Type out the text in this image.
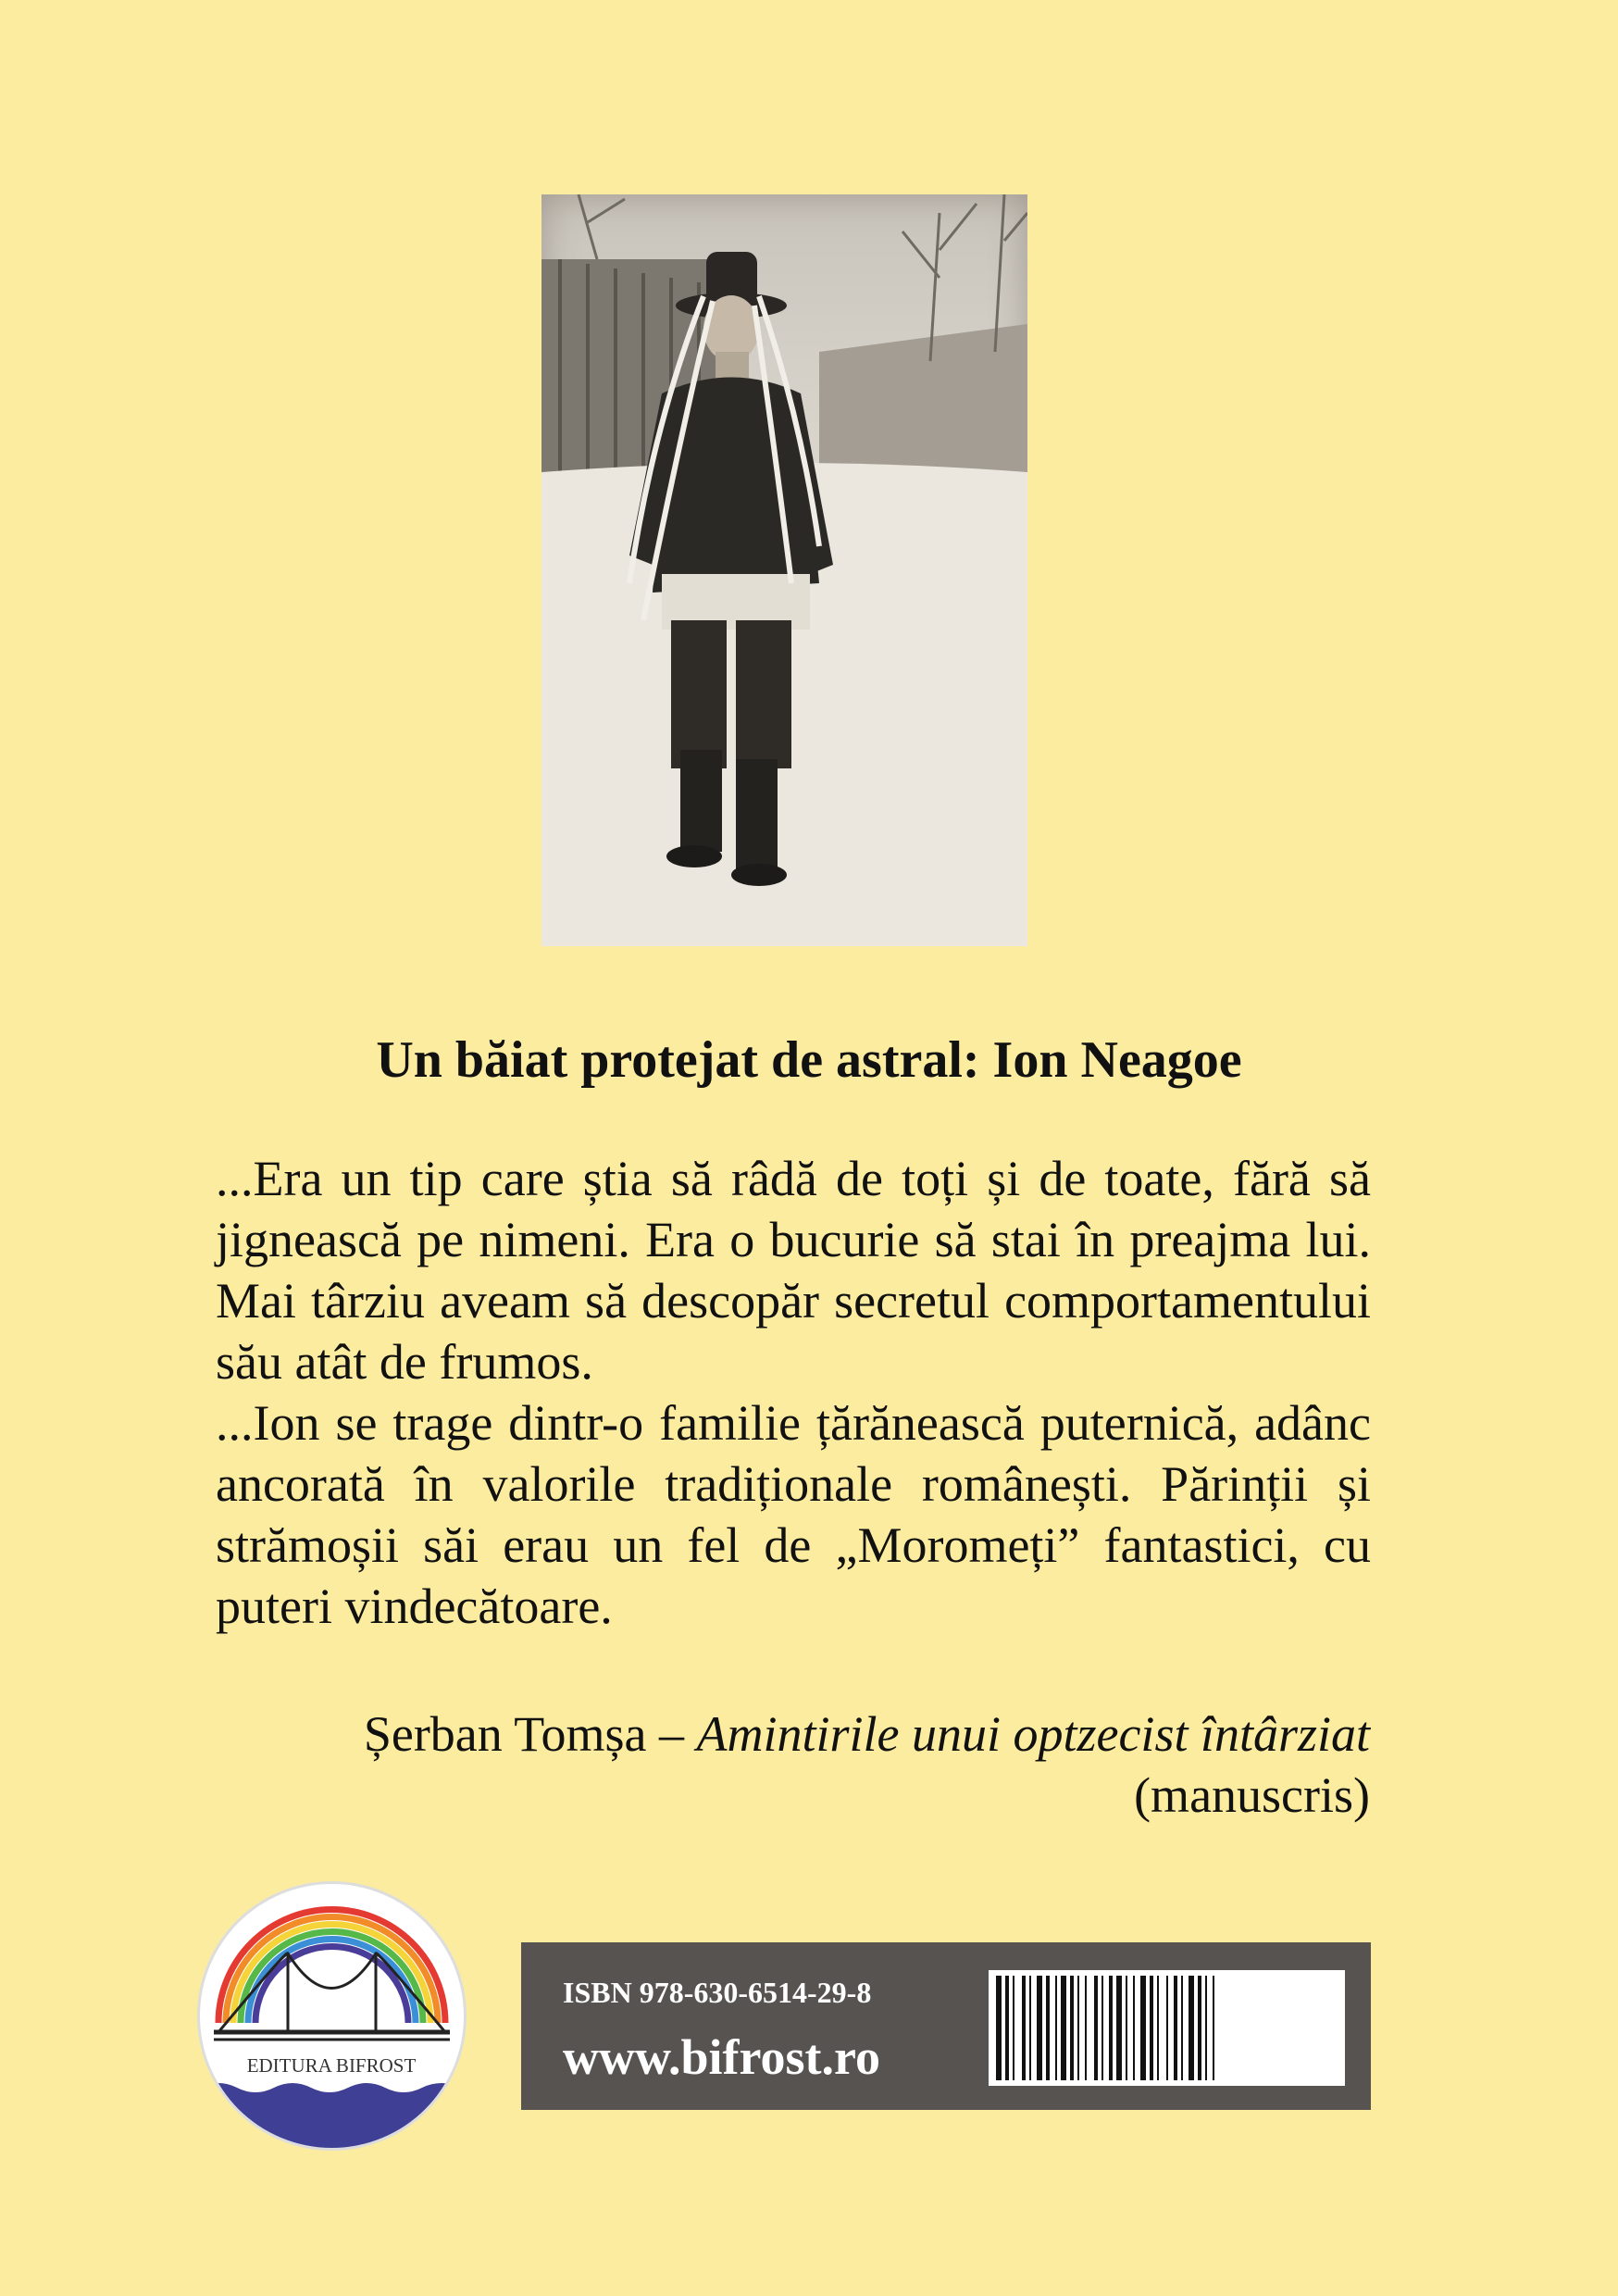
Un băiat protejat de astral: Ion Neagoe

...Era un tip care știa să râdă de toți și de toate, fără să jignească pe nimeni. Era o bucurie să stai în preajma lui. Mai târziu aveam să descopăr secretul comportamentului său atât de frumos.

...Ion se trage dintr-o familie țărănească puternică, adânc ancorată în valorile tradiționale românești. Părinții și strămoșii săi erau un fel de „Moromeți” fantastici, cu puteri vindecătoare.

Șerban Tomșa – Amintirile unui optzecist întârziat
(manuscris)
EDITURA BIFROST
ISBN 978-630-6514-29-8
www.bifrost.ro
